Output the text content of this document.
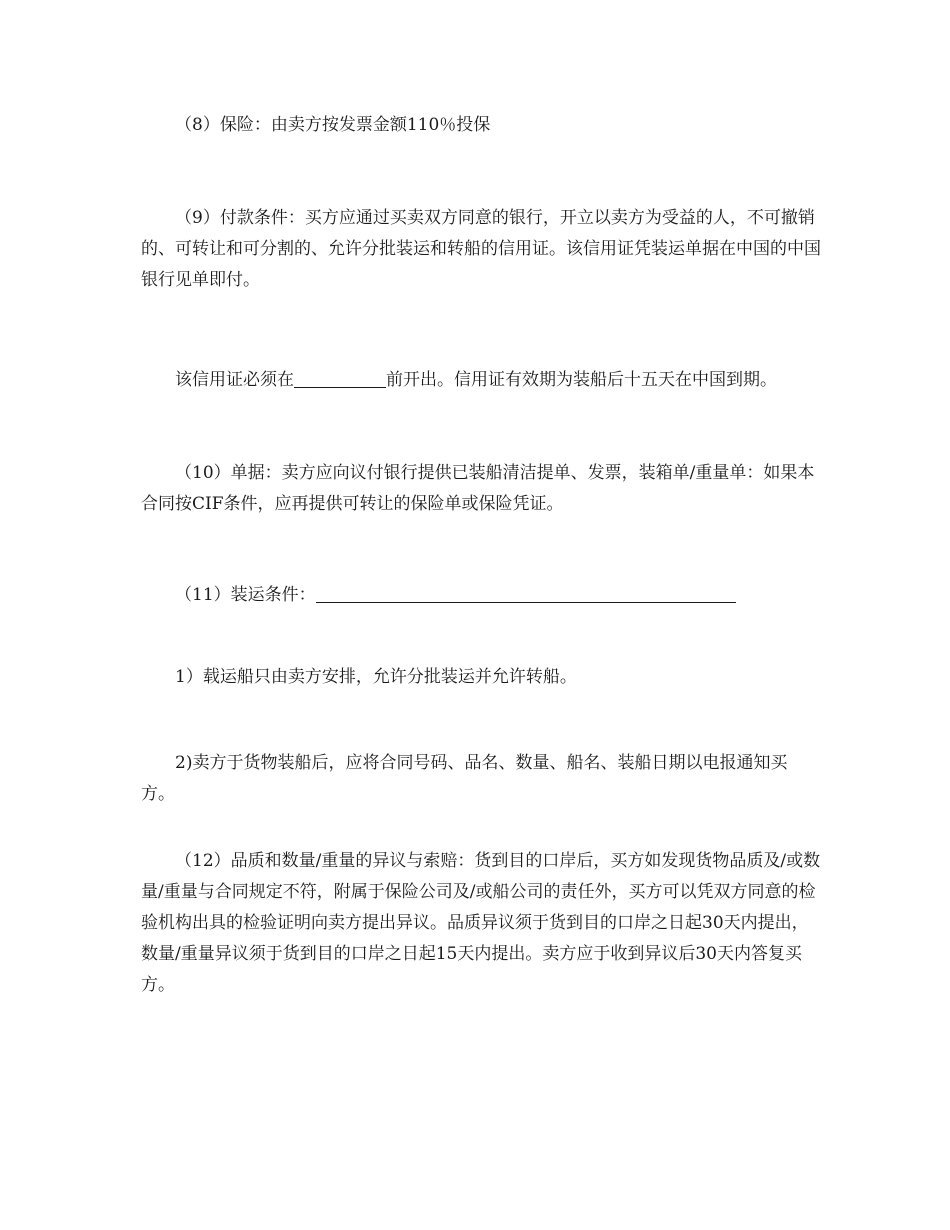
（8）保险：由卖方按发票金额110％投保

（9）付款条件：买方应通过买卖双方同意的银行，开立以卖方为受益的人，不可撤销的、可转让和可分割的、允许分批装运和转船的信用证。该信用证凭装运单据在中国的中国银行见单即付。

该信用证必须在	前开出。信用证有效期为装船后十五天在中国到期。

（10）单据：卖方应向议付银行提供已装船清洁提单、发票，装箱单/重量单：如果本合同按CIF条件，应再提供可转让的保险单或保险凭证。

（11）装运条件：

1）载运船只由卖方安排，允许分批装运并允许转船。

2)卖方于货物装船后，应将合同号码、品名、数量、船名、装船日期以电报通知买方。

（12）品质和数量/重量的异议与索赔：货到目的口岸后，买方如发现货物品质及/或数量/重量与合同规定不符，附属于保险公司及/或船公司的责任外，买方可以凭双方同意的检验机构出具的检验证明向卖方提出异议。品质异议须于货到目的口岸之日起30天内提出，数量/重量异议须于货到目的口岸之日起15天内提出。卖方应于收到异议后30天内答复买方。
